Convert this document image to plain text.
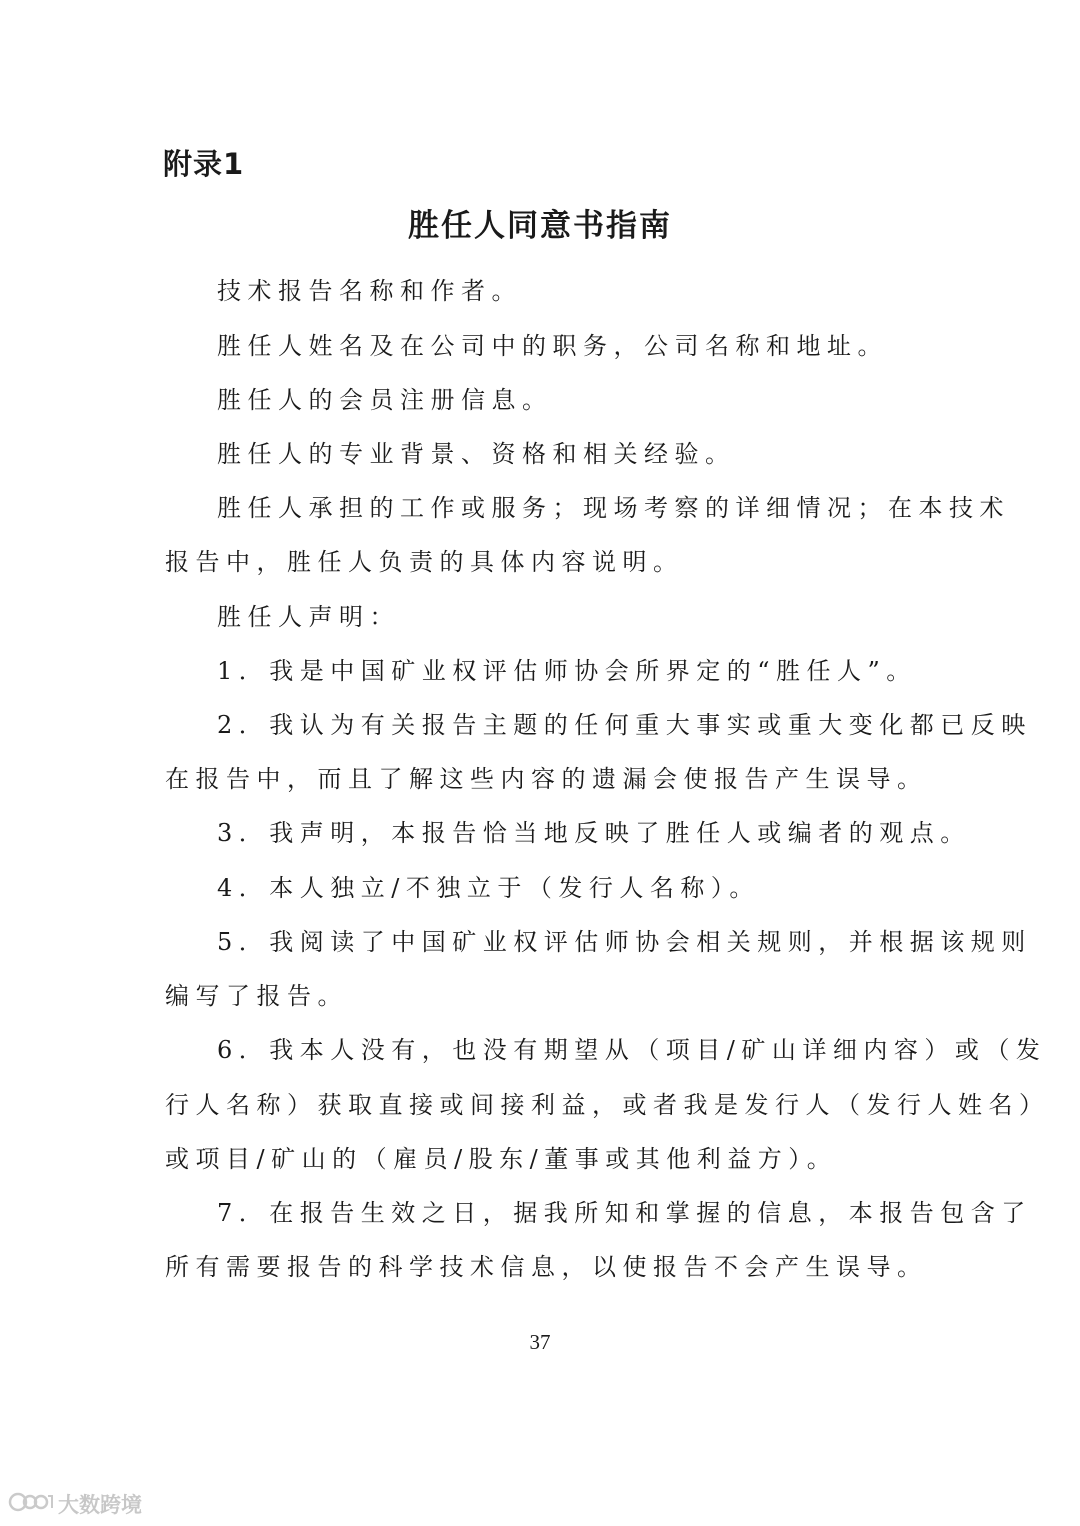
附录1
胜任人同意书指南
技术报告名称和作者。
胜任人姓名及在公司中的职务，公司名称和地址。
胜任人的会员注册信息。
胜任人的专业背景、资格和相关经验。
胜任人承担的工作或服务；现场考察的详细情况；在本技术
报告中，胜任人负责的具体内容说明。
胜任人声明：
1．我是中国矿业权评估师协会所界定的“胜任人”。
2．我认为有关报告主题的任何重大事实或重大变化都已反映
在报告中，而且了解这些内容的遗漏会使报告产生误导。
3．我声明，本报告恰当地反映了胜任人或编者的观点。
4．本人独立/不独立于（发行人名称）。
5．我阅读了中国矿业权评估师协会相关规则，并根据该规则
编写了报告。
6．我本人没有，也没有期望从（项目/矿山详细内容）或（发
行人名称）获取直接或间接利益，或者我是发行人（发行人姓名）
或项目/矿山的（雇员/股东/董事或其他利益方）。
7．在报告生效之日，据我所知和掌握的信息，本报告包含了
所有需要报告的科学技术信息，以使报告不会产生误导。
37
大数跨境
